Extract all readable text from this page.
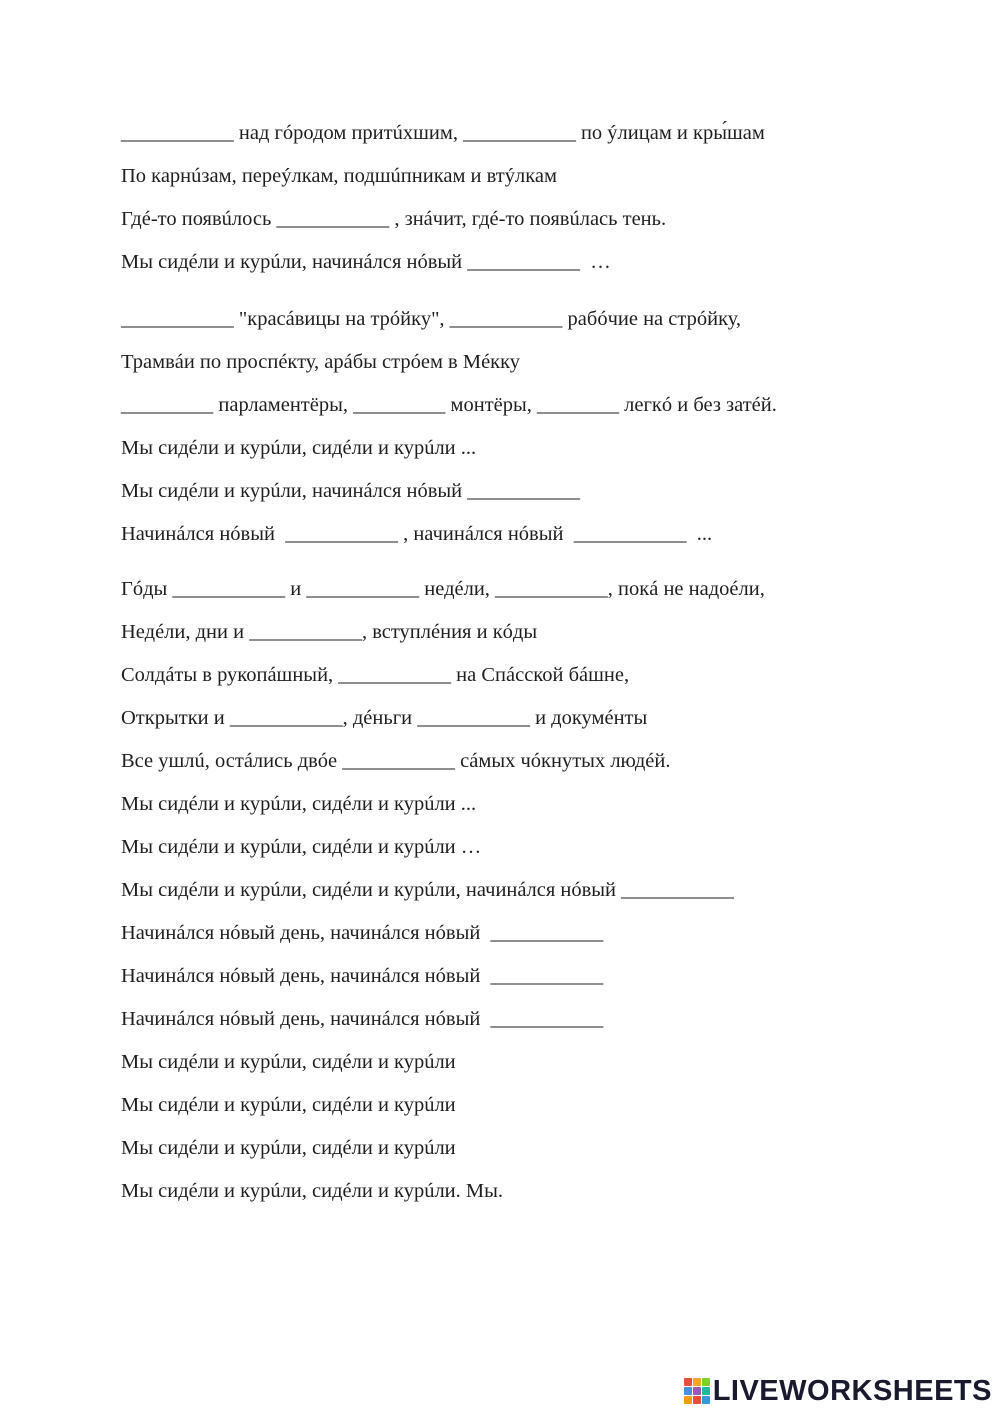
___________ над гóродом притúхшим, ___________ по ýлицам и кры́шам
По карнúзам, переýлкам, подшúпникам и втýлкам
Гдé-то появúлось ___________ , знáчит, гдé-то появúлась тень.
Мы сидéли и курúли, начинáлся нóвый ___________  …
___________ "красáвицы на трóйку", ___________ рабóчие на стрóйку,
Трамвáи по проспéкту, арáбы стрóем в Мéкку
_________ парламентёры, _________ монтёры, ________ легкó и без затéй.
Мы сидéли и курúли, сидéли и курúли ...
Мы сидéли и курúли, начинáлся нóвый ___________
Начинáлся нóвый  ___________ , начинáлся нóвый  ___________  ...
Гóды ___________ и ___________ недéли, ___________, покá не надоéли,
Недéли, дни и ___________, вступлéния и кóды
Солдáты в рукопáшный, ___________ на Спáсской бáшне,
Открытки и ___________, дéньги ___________ и докумéнты
Все ушлú, остáлись двóе ___________ сáмых чóкнутых людéй.
Мы сидéли и курúли, сидéли и курúли ...
Мы сидéли и курúли, сидéли и курúли …
Мы сидéли и курúли, сидéли и курúли, начинáлся нóвый ___________
Начинáлся нóвый день, начинáлся нóвый  ___________
Начинáлся нóвый день, начинáлся нóвый  ___________
Начинáлся нóвый день, начинáлся нóвый  ___________
Мы сидéли и курúли, сидéли и курúли
Мы сидéли и курúли, сидéли и курúли
Мы сидéли и курúли, сидéли и курúли
Мы сидéли и курúли, сидéли и курúли. Мы.
LIVEWORKSHEETS
